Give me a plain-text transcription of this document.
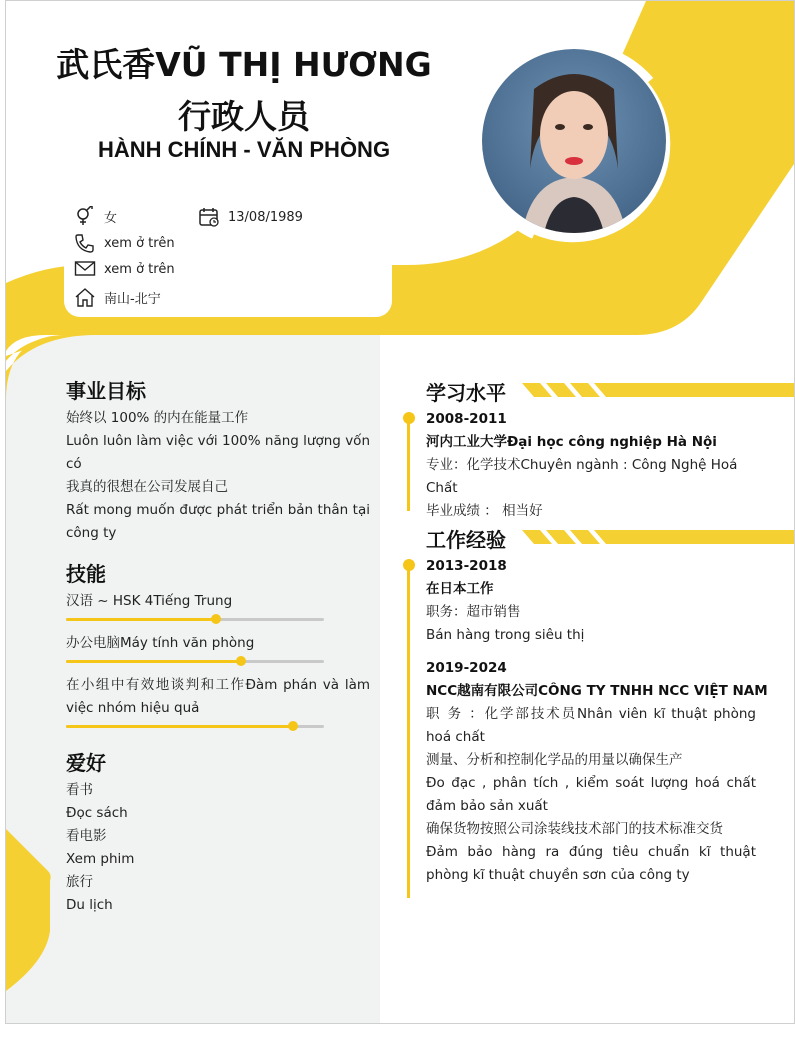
武氏香VŨ THỊ HƯƠNG行政人员
HÀNH CHÍNH - VĂN PHÒNG
女	13/08/1989
xem ở trên
xem ở trên
南山-北宁
事业目标
始终以 100% 的内在能量工作
Luôn luôn làm việc với 100% năng lượng vốn có
我真的很想在公司发展自己
Rất mong muốn được phát triển bản thân tại công ty
技能
汉语 ~ HSK 4Tiếng Trung
办公电脑Máy tính văn phòng
在小组中有效地谈判和工作Đàm phán và làm việc nhóm hiệu quả
爱好
看书
Đọc sách
看电影
Xem phim
旅行
Du lịch
学习水平
2008-2011
河内工业大学Đại học công nghiệp Hà Nội
专业：化学技术Chuyên ngành : Công Nghệ Hoá Chất
毕业成绩 ： 相当好
工作经验
2013-2018
在日本工作
职务：超市销售
Bán hàng trong siêu thị
2019-2024
NCC越南有限公司CÔNG TY TNHH NCC VIỆT NAM
职 务 ：化学部技术员Nhân viên kĩ thuật phòng hoá chất
测量、分析和控制化学品的用量以确保生产
Đo đạc , phân tích , kiểm soát lượng hoá chất đảm bảo sản xuất
确保货物按照公司涂装线技术部门的技术标准交货
Đảm bảo hàng ra đúng tiêu chuẩn kĩ thuật phòng kĩ thuật chuyền sơn của công ty
